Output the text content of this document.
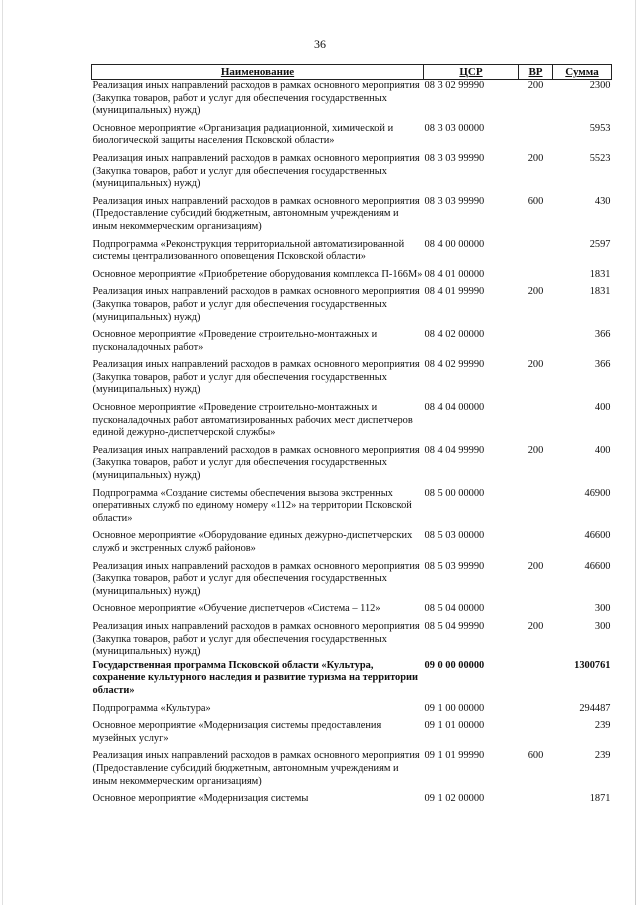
36
Наименование	ЦСР	ВР	Сумма
Реализация иных направлений расходов в рамках основного мероприятия (Закупка товаров, работ и услуг для обеспечения государственных (муниципальных) нужд)	08 3 02 99990	200	2300
Основное мероприятие «Организация радиационной, химической и биологической защиты населения Псковской области»	08 3 03 00000		5953
Реализация иных направлений расходов в рамках основного мероприятия (Закупка товаров, работ и услуг для обеспечения государственных (муниципальных) нужд)	08 3 03 99990	200	5523
Реализация иных направлений расходов в рамках основного мероприятия (Предоставление субсидий бюджетным, автономным учреждениям и иным некоммерческим организациям)	08 3 03 99990	600	430
Подпрограмма «Реконструкция территориальной автоматизированной системы централизованного оповещения Псковской области»	08 4 00 00000		2597
Основное мероприятие «Приобретение оборудования комплекса П-166М»	08 4 01 00000		1831
Реализация иных направлений расходов в рамках основного мероприятия (Закупка товаров, работ и услуг для обеспечения государственных (муниципальных) нужд)	08 4 01 99990	200	1831
Основное мероприятие «Проведение строительно-монтажных и пусконаладочных работ»	08 4 02 00000		366
Реализация иных направлений расходов в рамках основного мероприятия (Закупка товаров, работ и услуг для обеспечения государственных (муниципальных) нужд)	08 4 02 99990	200	366
Основное мероприятие «Проведение строительно-монтажных и пусконаладочных работ автоматизированных рабочих мест диспетчеров единой дежурно-диспетчерской службы»	08 4 04 00000		400
Реализация иных направлений расходов в рамках основного мероприятия (Закупка товаров, работ и услуг для обеспечения государственных (муниципальных) нужд)	08 4 04 99990	200	400
Подпрограмма «Создание системы обеспечения вызова экстренных оперативных служб по единому номеру «112» на территории Псковской области»	08 5 00 00000		46900
Основное мероприятие «Оборудование единых дежурно-диспетчерских служб и экстренных служб районов»	08 5 03 00000		46600
Реализация иных направлений расходов в рамках основного мероприятия (Закупка товаров, работ и услуг для обеспечения государственных (муниципальных) нужд)	08 5 03 99990	200	46600
Основное мероприятие «Обучение диспетчеров «Система – 112»	08 5 04 00000		300
Реализация иных направлений расходов в рамках основного мероприятия (Закупка товаров, работ и услуг для обеспечения государственных (муниципальных) нужд)	08 5 04 99990	200	300
Государственная программа Псковской области «Культура, сохранение культурного наследия и развитие туризма на территории области»	09 0 00 00000		1300761
Подпрограмма «Культура»	09 1 00 00000		294487
Основное мероприятие «Модернизация системы предоставления музейных услуг»	09 1 01 00000		239
Реализация иных направлений расходов в рамках основного мероприятия (Предоставление субсидий бюджетным, автономным учреждениям и иным некоммерческим организациям)	09 1 01 99990	600	239
Основное мероприятие «Модернизация системы	09 1 02 00000		1871
